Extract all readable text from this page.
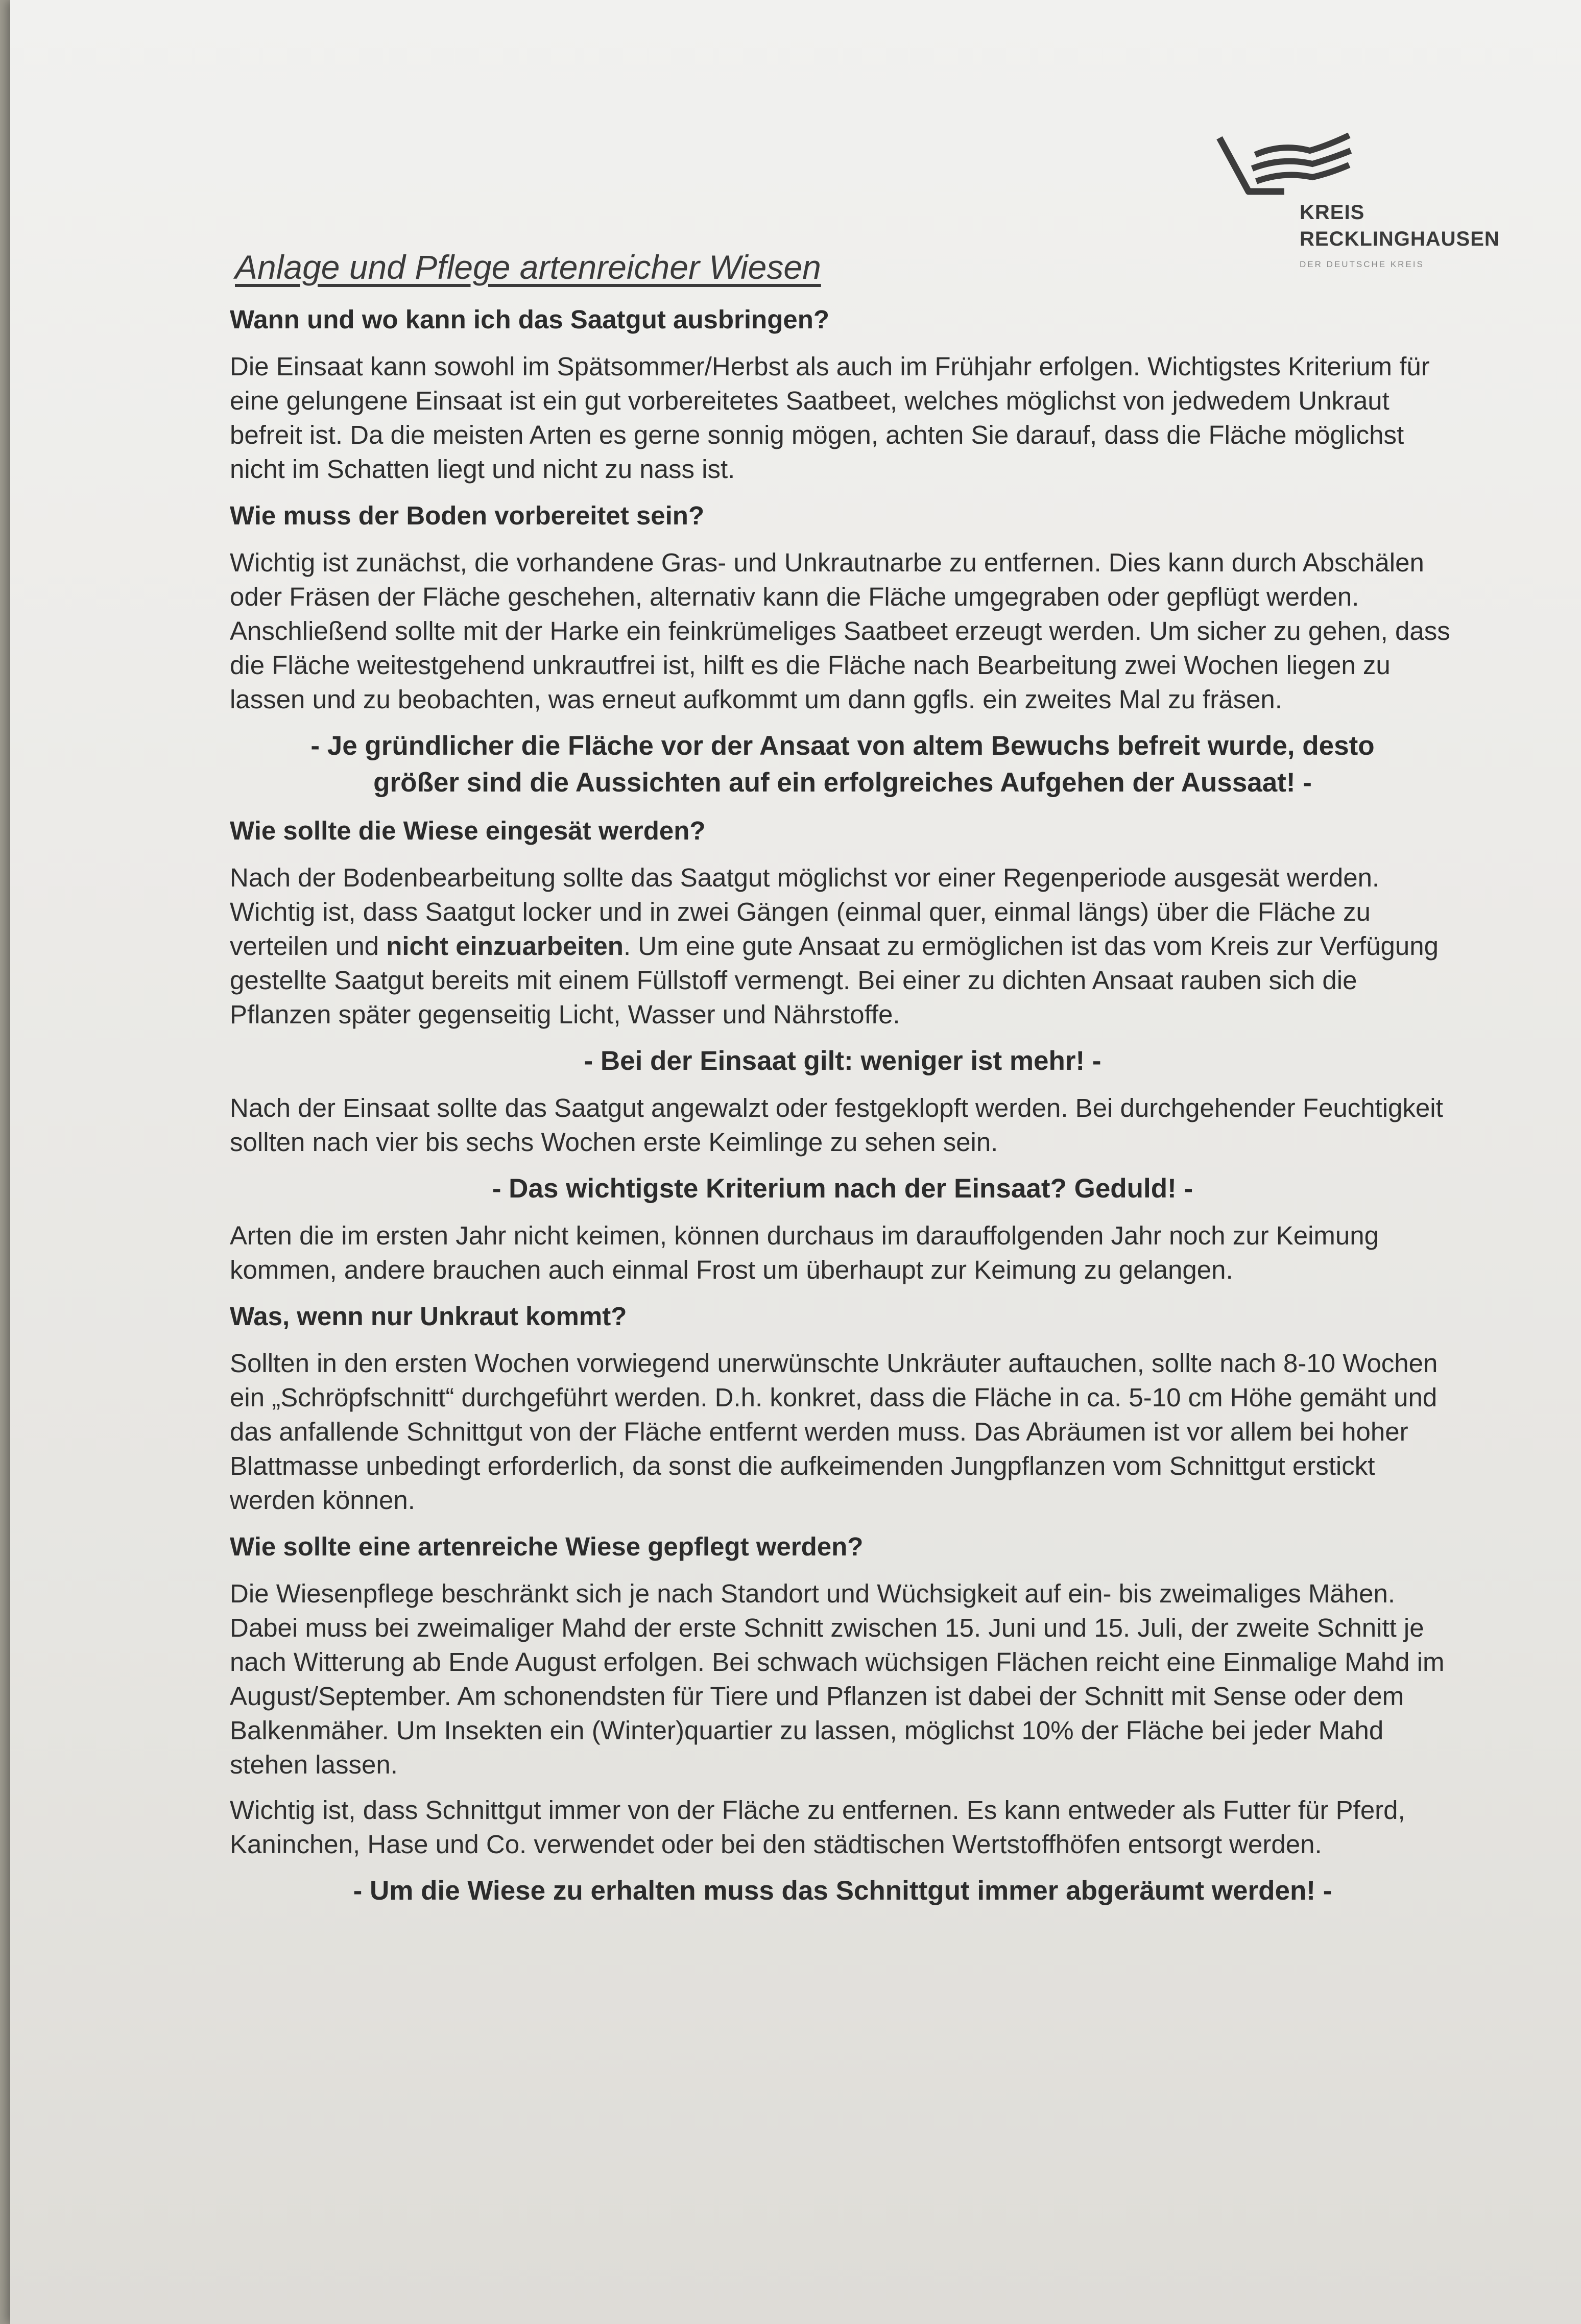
KREIS
RECKLINGHAUSEN
DER DEUTSCHE KREIS
Anlage und Pflege artenreicher Wiesen

Wann und wo kann ich das Saatgut ausbringen?

Die Einsaat kann sowohl im Spätsommer/Herbst als auch im Frühjahr erfolgen. Wichtigstes Kriterium für eine gelungene Einsaat ist ein gut vorbereitetes Saatbeet, welches möglichst von jedwedem Unkraut befreit ist. Da die meisten Arten es gerne sonnig mögen, achten Sie darauf, dass die Fläche möglichst nicht im Schatten liegt und nicht zu nass ist.

Wie muss der Boden vorbereitet sein?

Wichtig ist zunächst, die vorhandene Gras- und Unkrautnarbe zu entfernen. Dies kann durch Abschälen oder Fräsen der Fläche geschehen, alternativ kann die Fläche umgegraben oder gepflügt werden. Anschließend sollte mit der Harke ein feinkrümeliges Saatbeet erzeugt werden. Um sicher zu gehen, dass die Fläche weitestgehend unkrautfrei ist, hilft es die Fläche nach Bearbeitung zwei Wochen liegen zu lassen und zu beobachten, was erneut aufkommt um dann ggfls. ein zweites Mal zu fräsen.

- Je gründlicher die Fläche vor der Ansaat von altem Bewuchs befreit wurde, desto größer sind die Aussichten auf ein erfolgreiches Aufgehen der Aussaat! -

Wie sollte die Wiese eingesät werden?

Nach der Bodenbearbeitung sollte das Saatgut möglichst vor einer Regenperiode ausgesät werden. Wichtig ist, dass Saatgut locker und in zwei Gängen (einmal quer, einmal längs) über die Fläche zu verteilen und nicht einzuarbeiten. Um eine gute Ansaat zu ermöglichen ist das vom Kreis zur Verfügung gestellte Saatgut bereits mit einem Füllstoff vermengt. Bei einer zu dichten Ansaat rauben sich die Pflanzen später gegenseitig Licht, Wasser und Nährstoffe.

- Bei der Einsaat gilt: weniger ist mehr! -

Nach der Einsaat sollte das Saatgut angewalzt oder festgeklopft werden. Bei durchgehender Feuchtigkeit sollten nach vier bis sechs Wochen erste Keimlinge zu sehen sein.

- Das wichtigste Kriterium nach der Einsaat? Geduld! -

Arten die im ersten Jahr nicht keimen, können durchaus im darauffolgenden Jahr noch zur Keimung kommen, andere brauchen auch einmal Frost um überhaupt zur Keimung zu gelangen.

Was, wenn nur Unkraut kommt?

Sollten in den ersten Wochen vorwiegend unerwünschte Unkräuter auftauchen, sollte nach 8-10 Wochen ein „Schröpfschnitt“ durchgeführt werden. D.h. konkret, dass die Fläche in ca. 5-10 cm Höhe gemäht und das anfallende Schnittgut von der Fläche entfernt werden muss. Das Abräumen ist vor allem bei hoher Blattmasse unbedingt erforderlich, da sonst die aufkeimenden Jungpflanzen vom Schnittgut erstickt werden können.

Wie sollte eine artenreiche Wiese gepflegt werden?

Die Wiesenpflege beschränkt sich je nach Standort und Wüchsigkeit auf ein- bis zweimaliges Mähen. Dabei muss bei zweimaliger Mahd der erste Schnitt zwischen 15. Juni und 15. Juli, der zweite Schnitt je nach Witterung ab Ende August erfolgen. Bei schwach wüchsigen Flächen reicht eine Einmalige Mahd im August/September. Am schonendsten für Tiere und Pflanzen ist dabei der Schnitt mit Sense oder dem Balkenmäher. Um Insekten ein (Winter)quartier zu lassen, möglichst 10% der Fläche bei jeder Mahd stehen lassen.

Wichtig ist, dass Schnittgut immer von der Fläche zu entfernen. Es kann entweder als Futter für Pferd, Kaninchen, Hase und Co. verwendet oder bei den städtischen Wertstoffhöfen entsorgt werden.

- Um die Wiese zu erhalten muss das Schnittgut immer abgeräumt werden! -
